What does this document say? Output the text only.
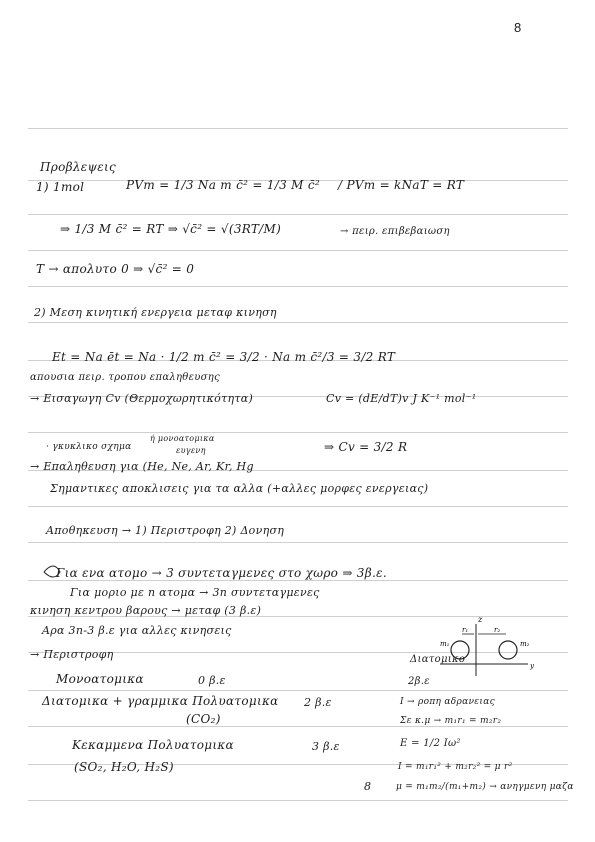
8
Προβλεψεις
1) 1mol	PVm = 1/3 Na m c̄² = 1/3 M c̄² / PVm = kNaT = RT
⇒ 1/3 M c̄² = RT ⇒ √c̄² = √(3RT/M)	→ πειρ. επιβεβαιωση
T → απολυτο 0 ⇒ √c̄² = 0
2) Μεση κινητική ενεργεια μεταφ κινηση
Et = Na ēt = Na · 1/2 m c̄² = 3/2 · Na m c̄²/3 = 3/2 RT
απουσια πειρ. τροπου επαληθευσης
→ Εισαγωγη Cv (Θερμοχωρητικότητα)	Cv = (dE/dT)v J K⁻¹ mol⁻¹
· γκυκλικο σχημα
ή μονοατομικα
ευγενη	⇒ Cv = 3/2 R
→ Επαληθευση για (He, Ne, Ar, Kr, Hg
Σημαντικες αποκλισεις για τα αλλα (+αλλες μορφες ενεργειας)
Αποθηκευση → 1) Περιστροφη 2) Δονηση
Για ενα ατομο → 3 συντεταγμενες στο χωρο ⇒ 3β.ε.
Για μοριο με n ατομα → 3n συντεταγμενες
κινηση κεντρου βαρους → μεταφ (3 β.ε)
Αρα 3n-3 β.ε για αλλες κινησεις
→ Περιστροφη	Διατομικο
Μονοατομικα	0 β.ε	2β.ε
Διατομικα + γραμμικα Πολυατομικα 2 β.ε	I → ροπη αδρανειας
(CO₂)	Σε κ.μ → m₁r₁ = m₂r₂
Κεκαμμενα Πολυατομικα	3 β.ε	E = 1/2 Iω²
(SO₂, H₂O, H₂S)	I = m₁r₁² + m₂r₂² = μ r²
8	μ = m₁m₂/(m₁+m₂) → ανηγμενη μαζα
z
m₁	m₂
r₁	r₂
y
